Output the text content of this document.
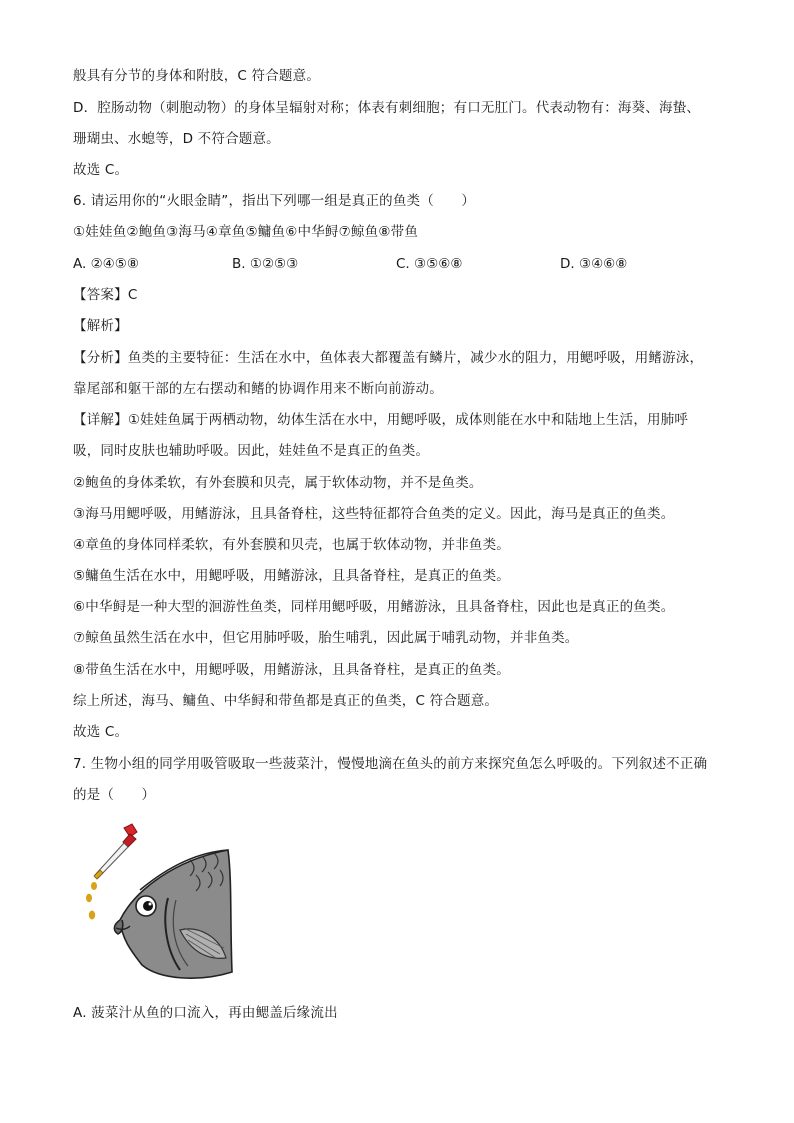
般具有分节的身体和附肢，C 符合题意。
D．腔肠动物（刺胞动物）的身体呈辐射对称；体表有刺细胞；有口无肛门。代表动物有：海葵、海蛰、
珊瑚虫、水螅等，D 不符合题意。
故选 C。
6. 请运用你的“火眼金睛”，指出下列哪一组是真正的鱼类（　　）
①娃娃鱼②鲍鱼③海马④章鱼⑤鳙鱼⑥中华鲟⑦鲸鱼⑧带鱼
A. ②④⑤⑧	B. ①②⑤③	C. ③⑤⑥⑧	D. ③④⑥⑧
【答案】C
【解析】
【分析】鱼类的主要特征：生活在水中，鱼体表大都覆盖有鳞片，减少水的阻力，用鳃呼吸，用鳍游泳，
靠尾部和躯干部的左右摆动和鳍的协调作用来不断向前游动。
【详解】①娃娃鱼属于两栖动物，幼体生活在水中，用鳃呼吸，成体则能在水中和陆地上生活，用肺呼
吸，同时皮肤也辅助呼吸。因此，娃娃鱼不是真正的鱼类。
②鲍鱼的身体柔软，有外套膜和贝壳，属于软体动物，并不是鱼类。
③海马用鳃呼吸，用鳍游泳，且具备脊柱，这些特征都符合鱼类的定义。因此，海马是真正的鱼类。
④章鱼的身体同样柔软，有外套膜和贝壳，也属于软体动物，并非鱼类。
⑤鳙鱼生活在水中，用鳃呼吸，用鳍游泳，且具备脊柱，是真正的鱼类。
⑥中华鲟是一种大型的洄游性鱼类，同样用鳃呼吸，用鳍游泳，且具备脊柱，因此也是真正的鱼类。
⑦鲸鱼虽然生活在水中，但它用肺呼吸，胎生哺乳，因此属于哺乳动物，并非鱼类。
⑧带鱼生活在水中，用鳃呼吸，用鳍游泳，且具备脊柱，是真正的鱼类。
综上所述，海马、鳙鱼、中华鲟和带鱼都是真正的鱼类，C 符合题意。
故选 C。
7. 生物小组的同学用吸管吸取一些菠菜汁，慢慢地滴在鱼头的前方来探究鱼怎么呼吸的。下列叙述不正确
的是（　　）
A. 菠菜汁从鱼的口流入，再由鳃盖后缘流出
